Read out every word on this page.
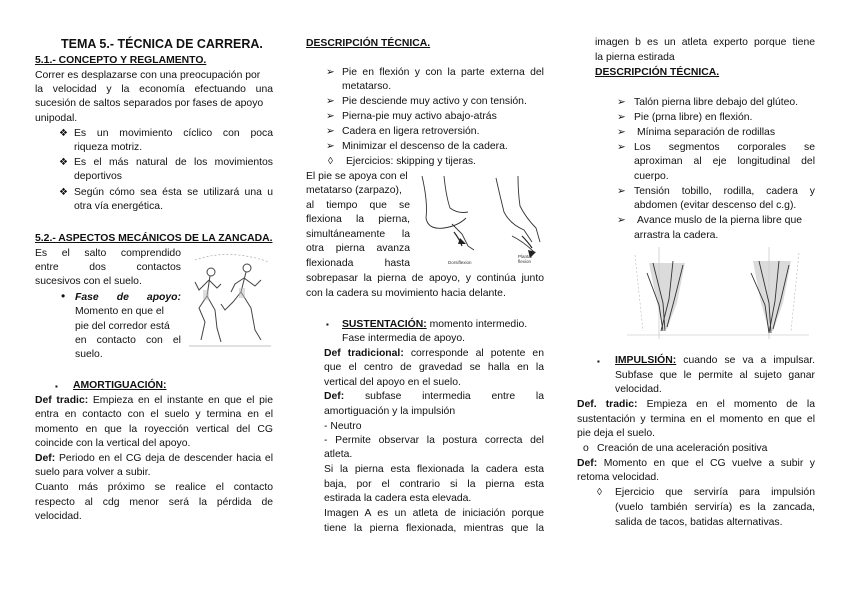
TEMA 5.- TÉCNICA DE CARRERA.

5.1.- CONCEPTO Y REGLAMENTO.

Correr es desplazarse con una preocupación por

la velocidad y la economía efectuando una

sucesión de saltos separados por fases de apoyo

unipodal.

❖ Es un movimiento cíclico con poca

riqueza motriz.

❖ Es el más natural de los movimientos

deportivos

❖ Según cómo sea ésta se utilizará una u

otra vía energética.

5.2.- ASPECTOS MECÁNICOS DE LA ZANCADA.

Es el salto comprendido

entre	dos	contactos

sucesivos con el suelo.

• Fase de apoyo:

Momento en que el

pie del corredor está

en contacto con el

suelo.

▪ AMORTIGUACIÓN:

Def tradic: Empieza en el instante en que el pie

entra en contacto con el suelo y termina en el

momento en que la royección vertical del CG

coincide con la vertical del apoyo.

Def: Periodo en el CG deja de descender hacia el

suelo para volver a subir.

Cuanto más próximo se realice el contacto

respecto al cdg menor será la pérdida de

velocidad.

DESCRIPCIÓN TÉCNICA.

➢ Pie en flexión y con la parte externa del

metatarso.

➢ Pie desciende muy activo y con tensión.

➢ Pierna-pie muy activo abajo-atrás

➢ Cadera en ligera retroversión.

➢ Minimizar el descenso de la cadera.

◊ Ejercicios: skipping y tijeras.

El pie se apoya con el

metatarso (zarpazo),

al tiempo que se

flexiona la pierna,

simultáneamente la

otra pierna avanza

flexionada	hasta

sobrepasar la pierna de apoyo, y continúa junto

con la cadera su movimiento hacia delante.

Dorsiflexion
Plantar
flexion
▪ SUSTENTACIÓN: momento intermedio.

Fase intermedia de apoyo.

Def tradicional: corresponde al potente en

que el centro de gravedad se halla en la

vertical del apoyo en el suelo.

Def: subfase intermedia entre la

amortiguación y la impulsión

- Neutro

- Permite observar la postura correcta del

atleta.

Si la pierna esta flexionada la cadera esta

baja, por el contrario si la pierna esta

estirada la cadera esta elevada.

Imagen A es un atleta de iniciación porque

tiene la pierna flexionada, mientras que la

imagen b es un atleta experto porque tiene

la pierna estirada

DESCRIPCIÓN TÉCNICA.

➢ Talón pierna libre debajo del glúteo.

➢ Pie (prna libre) en flexión.

➢ Mínima separación de rodillas

➢ Los segmentos corporales se

aproximan al eje longitudinal del

cuerpo.

➢ Tensión tobillo, rodilla, cadera y

abdomen (evitar descenso del c.g).

➢ Avance muslo de la pierna libre que

arrastra la cadera.

▪ IMPULSIÓN: cuando se va a impulsar.

Subfase que le permite al sujeto ganar

velocidad.

Def. tradic: Empieza en el momento de la

sustentación y termina en el momento en que el

pie deja el suelo.

o Creación de una aceleración positiva

Def: Momento en que el CG vuelve a subir y

retoma velocidad.

◊ Ejercicio que serviría para impulsión

(vuelo también serviría) es la zancada,

salida de tacos, batidas alternativas.
